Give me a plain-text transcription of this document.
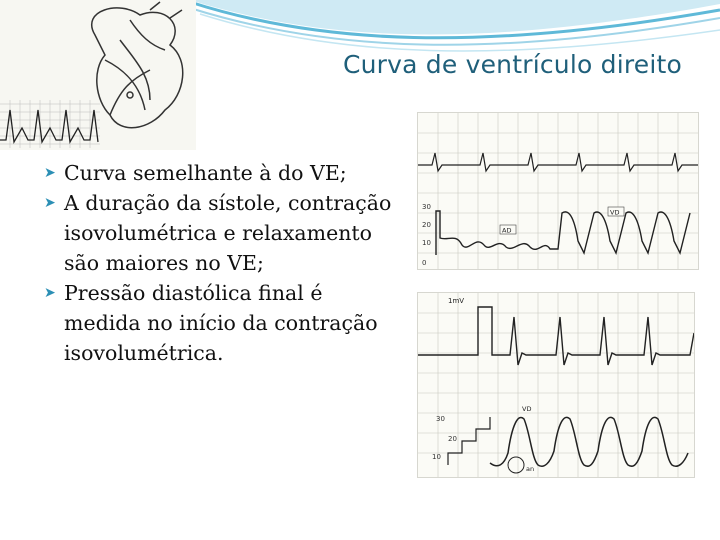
Curva de ventrículo direito

➤ Curva semelhante à do VE;

➤ A duração da sístole, contração isovolumétrica e relaxamento são maiores no VE;

➤ Pressão diastólica final é medida no início da contração isovolumétrica.

30
20
10
0
VD
AD
30
20
10
1mV
VD
an
